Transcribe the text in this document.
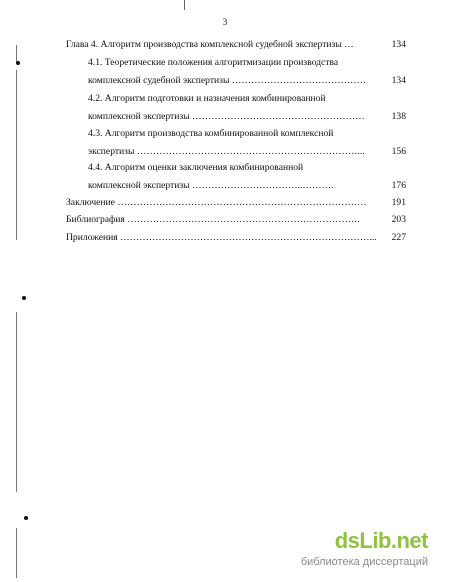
3
Глава 4. Алгоритм производства комплексной судебной экспертизы …	134
4.1. Теоретические положения алгоритмизации производства
комплексной судебной экспертизы ……………………………………	134
4.2. Алгоритм подготовки и назначения комбинированной
комплексной экспертизы ………………………………………………	138
4.3. Алгоритм производства комбинированной комплексной
экспертизы ……………………………………………………………...	156
4.4. Алгоритм оценки заключения комбинированной
комплексной экспертизы ……………………………..……….	176
Заключение ……………………………………………………………………	191
Библиография ……………………………………………………………….	203
Приложения ……………………………………………………………………...	227
dsLib.net
библиотека диссертаций
